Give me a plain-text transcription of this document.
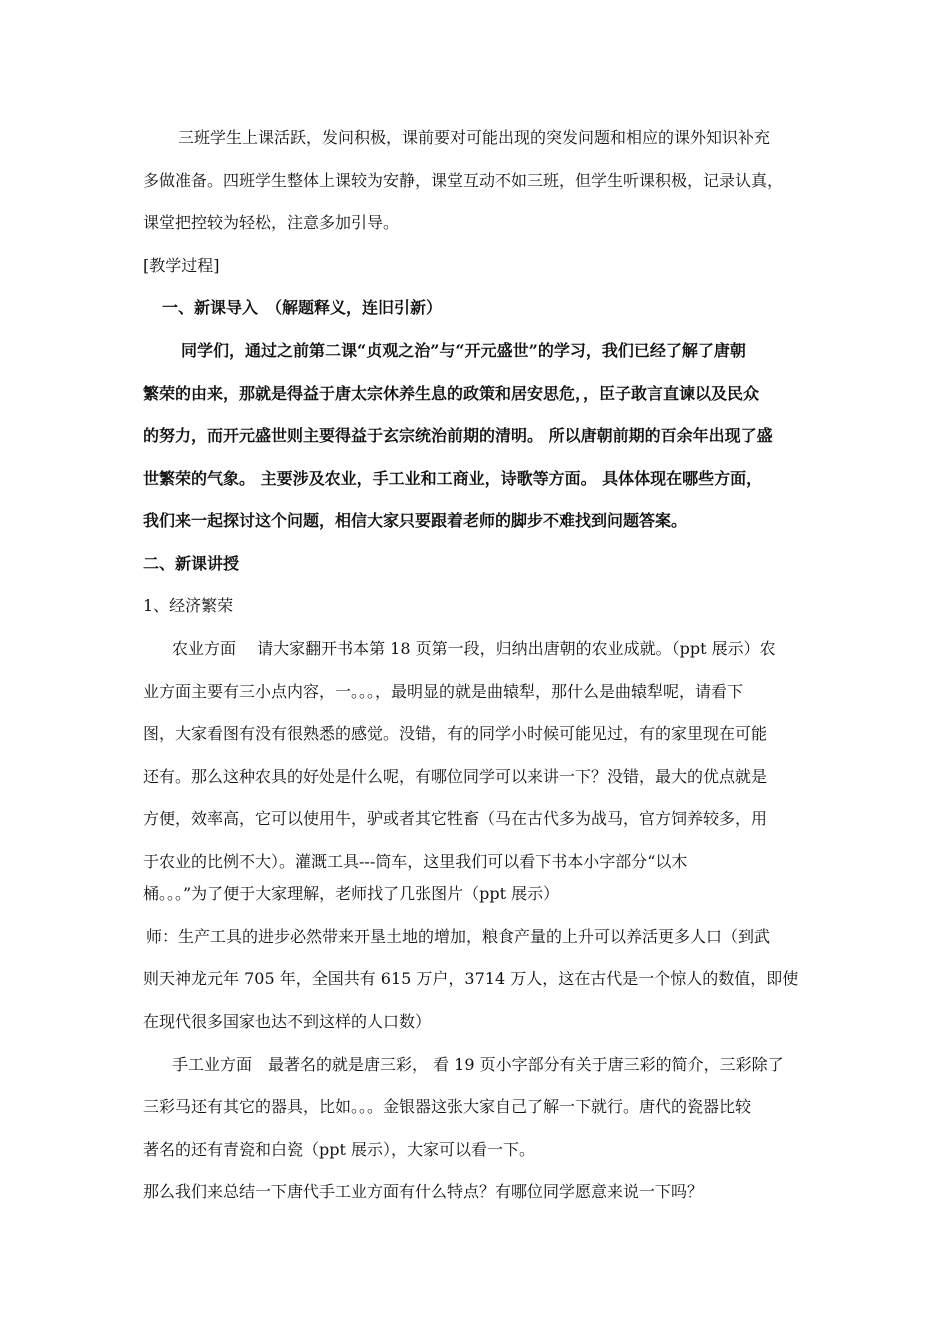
三班学生上课活跃，发问积极，课前要对可能出现的突发问题和相应的课外知识补充
多做准备。四班学生整体上课较为安静，课堂互动不如三班，但学生听课积极，记录认真，
课堂把控较为轻松，注意多加引导。
[教学过程]
一、新课导入　（解题释义，连旧引新）
同学们，通过之前第二课“贞观之治”与“开元盛世”的学习，我们已经了解了唐朝
繁荣的由来，那就是得益于唐太宗休养生息的政策和居安思危，，臣子敢言直谏以及民众
的努力，而开元盛世则主要得益于玄宗统治前期的清明。 所以唐朝前期的百余年出现了盛
世繁荣的气象。 主要涉及农业，手工业和工商业，诗歌等方面。 具体体现在哪些方面，
我们来一起探讨这个问题，相信大家只要跟着老师的脚步不难找到问题答案。
二、新课讲授
1、经济繁荣
农业方面　 请大家翻开书本第 18 页第一段，归纳出唐朝的农业成就。（ppt 展示）农
业方面主要有三小点内容，一。。。，最明显的就是曲辕犁，那什么是曲辕犁呢，请看下
图，大家看图有没有很熟悉的感觉。没错，有的同学小时候可能见过，有的家里现在可能
还有。那么这种农具的好处是什么呢，有哪位同学可以来讲一下？没错，最大的优点就是
方便，效率高，它可以使用牛，驴或者其它牲畜（马在古代多为战马，官方饲养较多，用
于农业的比例不大）。灌溉工具---筒车，这里我们可以看下书本小字部分“以木
桶。。。”为了便于大家理解，老师找了几张图片（ppt 展示）
师：生产工具的进步必然带来开垦土地的增加，粮食产量的上升可以养活更多人口（到武
则天神龙元年 705 年，全国共有 615 万户，3714 万人，这在古代是一个惊人的数值，即使
在现代很多国家也达不到这样的人口数）
手工业方面　最著名的就是唐三彩， 看 19 页小字部分有关于唐三彩的简介，三彩除了
三彩马还有其它的器具，比如。。。金银器这张大家自己了解一下就行。唐代的瓷器比较
著名的还有青瓷和白瓷（ppt 展示），大家可以看一下。
那么我们来总结一下唐代手工业方面有什么特点？有哪位同学愿意来说一下吗？
